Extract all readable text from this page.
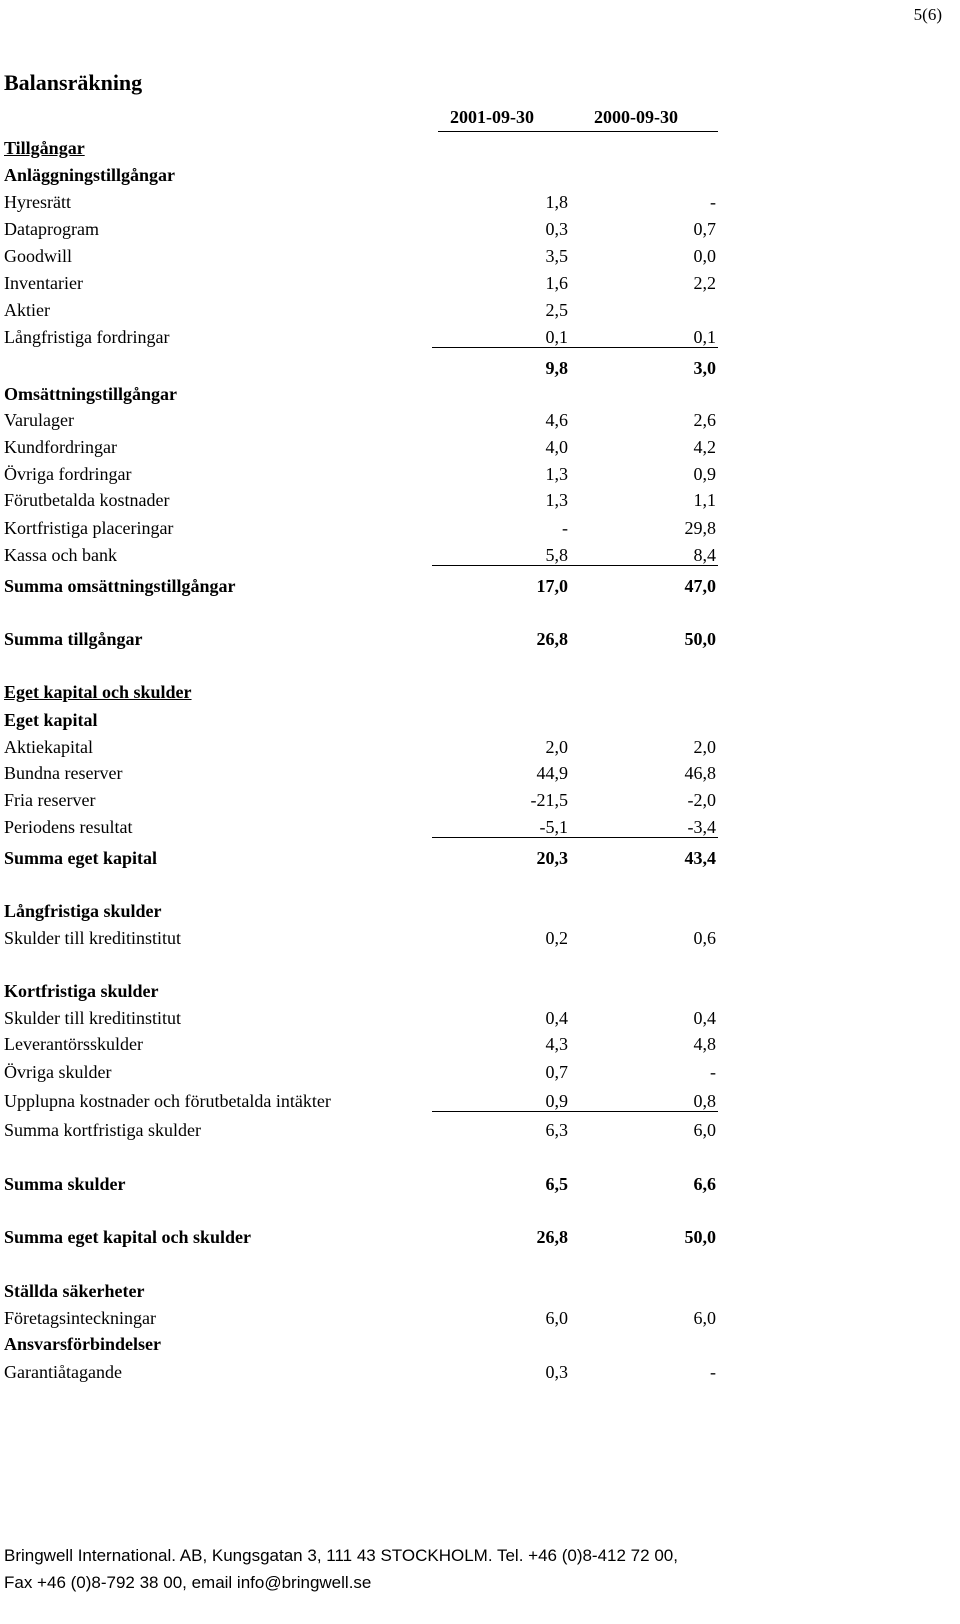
5(6)
Balansräkning
2001-09-30	2000-09-30
Tillgångar
Anläggningstillgångar
Hyresrätt	1,8	-
Dataprogram	0,3	0,7
Goodwill	3,5	0,0
Inventarier	1,6	2,2
Aktier	2,5
Långfristiga fordringar	0,1	0,1
9,8	3,0
Omsättningstillgångar
Varulager	4,6	2,6
Kundfordringar	4,0	4,2
Övriga fordringar	1,3	0,9
Förutbetalda kostnader	1,3	1,1
Kortfristiga placeringar	-	29,8
Kassa och bank	5,8	8,4
Summa omsättningstillgångar	17,0	47,0
Summa tillgångar	26,8	50,0
Eget kapital och skulder
Eget kapital
Aktiekapital	2,0	2,0
Bundna reserver	44,9	46,8
Fria reserver	-21,5	-2,0
Periodens resultat	-5,1	-3,4
Summa eget kapital	20,3	43,4
Långfristiga skulder
Skulder till kreditinstitut	0,2	0,6
Kortfristiga skulder
Skulder till kreditinstitut	0,4	0,4
Leverantörsskulder	4,3	4,8
Övriga skulder	0,7	-
Upplupna kostnader och förutbetalda intäkter	0,9	0,8
Summa kortfristiga skulder	6,3	6,0
Summa skulder	6,5	6,6
Summa eget kapital och skulder	26,8	50,0
Ställda säkerheter
Företagsinteckningar	6,0	6,0
Ansvarsförbindelser
Garantiåtagande	0,3	-
Bringwell International. AB, Kungsgatan 3, 111 43 STOCKHOLM. Tel. +46 (0)8-412 72 00,
Fax +46 (0)8-792 38 00, email info@bringwell.se
